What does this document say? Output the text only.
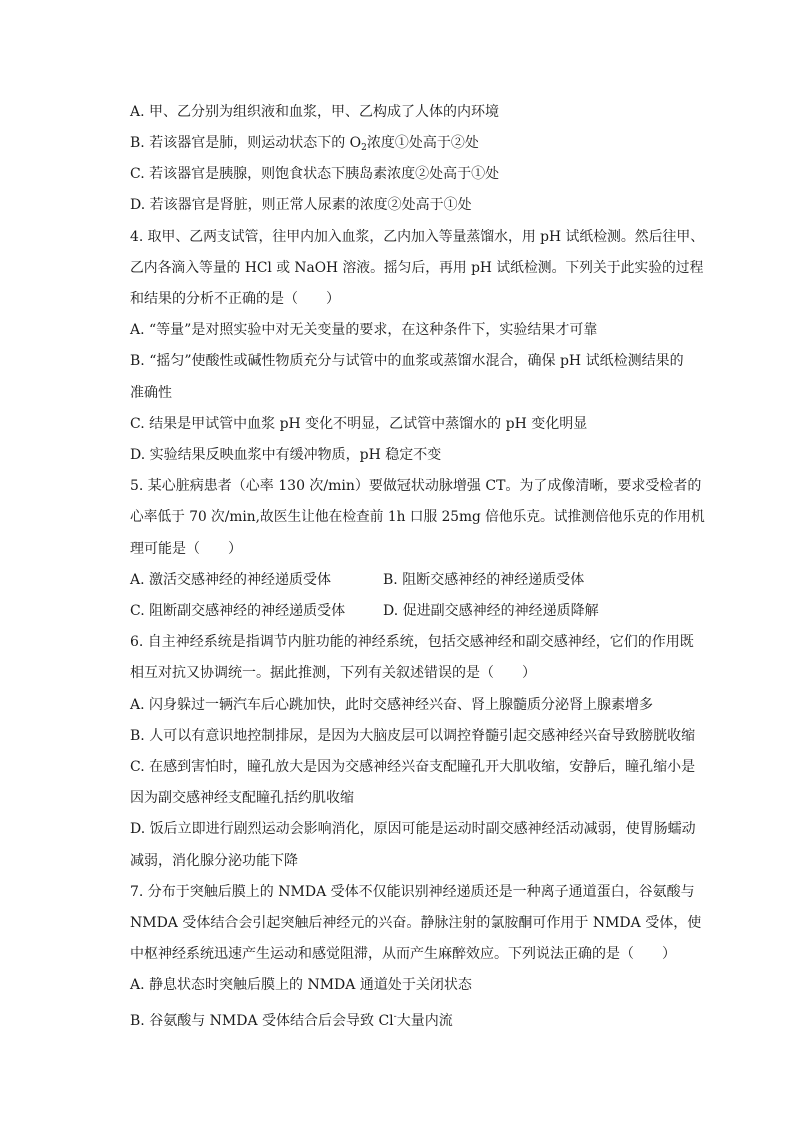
A. 甲、乙分别为组织液和血浆，甲、乙构成了人体的内环境
B. 若该器官是肺，则运动状态下的 $O_2$浓度①处高于②处
C. 若该器官是胰腺，则饱食状态下胰岛素浓度②处高于①处
D. 若该器官是肾脏，则正常人尿素的浓度②处高于①处
4. 取甲、乙两支试管，往甲内加入血浆，乙内加入等量蒸馏水，用 pH 试纸检测。然后往甲、
乙内各滴入等量的 HCl 或 NaOH 溶液。摇匀后，再用 pH 试纸检测。下列关于此实验的过程
和结果的分析不正确的是（　　）
A. “等量”是对照实验中对无关变量的要求，在这种条件下，实验结果才可靠
B. “摇匀”使酸性或碱性物质充分与试管中的血浆或蒸馏水混合，确保 pH 试纸检测结果的
准确性
C. 结果是甲试管中血浆 pH 变化不明显，乙试管中蒸馏水的 pH 变化明显
D. 实验结果反映血浆中有缓冲物质，pH 稳定不变
5. 某心脏病患者（心率 130 次/min）要做冠状动脉增强 CT。为了成像清晰，要求受检者的
心率低于 70 次/min,故医生让他在检查前 1h 口服 25mg 倍他乐克。试推测倍他乐克的作用机
理可能是（　　）
A. 激活交感神经的神经递质受体	B. 阻断交感神经的神经递质受体
C. 阻断副交感神经的神经递质受体	D. 促进副交感神经的神经递质降解
6. 自主神经系统是指调节内脏功能的神经系统，包括交感神经和副交感神经，它们的作用既
相互对抗又协调统一。据此推测，下列有关叙述错误的是（　　）
A. 闪身躲过一辆汽车后心跳加快，此时交感神经兴奋、肾上腺髓质分泌肾上腺素增多
B. 人可以有意识地控制排尿，是因为大脑皮层可以调控脊髓引起交感神经兴奋导致膀胱收缩
C. 在感到害怕时，瞳孔放大是因为交感神经兴奋支配瞳孔开大肌收缩，安静后，瞳孔缩小是
因为副交感神经支配瞳孔括约肌收缩
D. 饭后立即进行剧烈运动会影响消化，原因可能是运动时副交感神经活动减弱，使胃肠蠕动
减弱，消化腺分泌功能下降
7. 分布于突触后膜上的 NMDA 受体不仅能识别神经递质还是一种离子通道蛋白，谷氨酸与
NMDA 受体结合会引起突触后神经元的兴奋。静脉注射的氯胺酮可作用于 NMDA 受体，使
中枢神经系统迅速产生运动和感觉阻滞，从而产生麻醉效应。下列说法正确的是（　　）
A. 静息状态时突触后膜上的 NMDA 通道处于关闭状态
B. 谷氨酸与 NMDA 受体结合后会导致 Cl-大量内流
